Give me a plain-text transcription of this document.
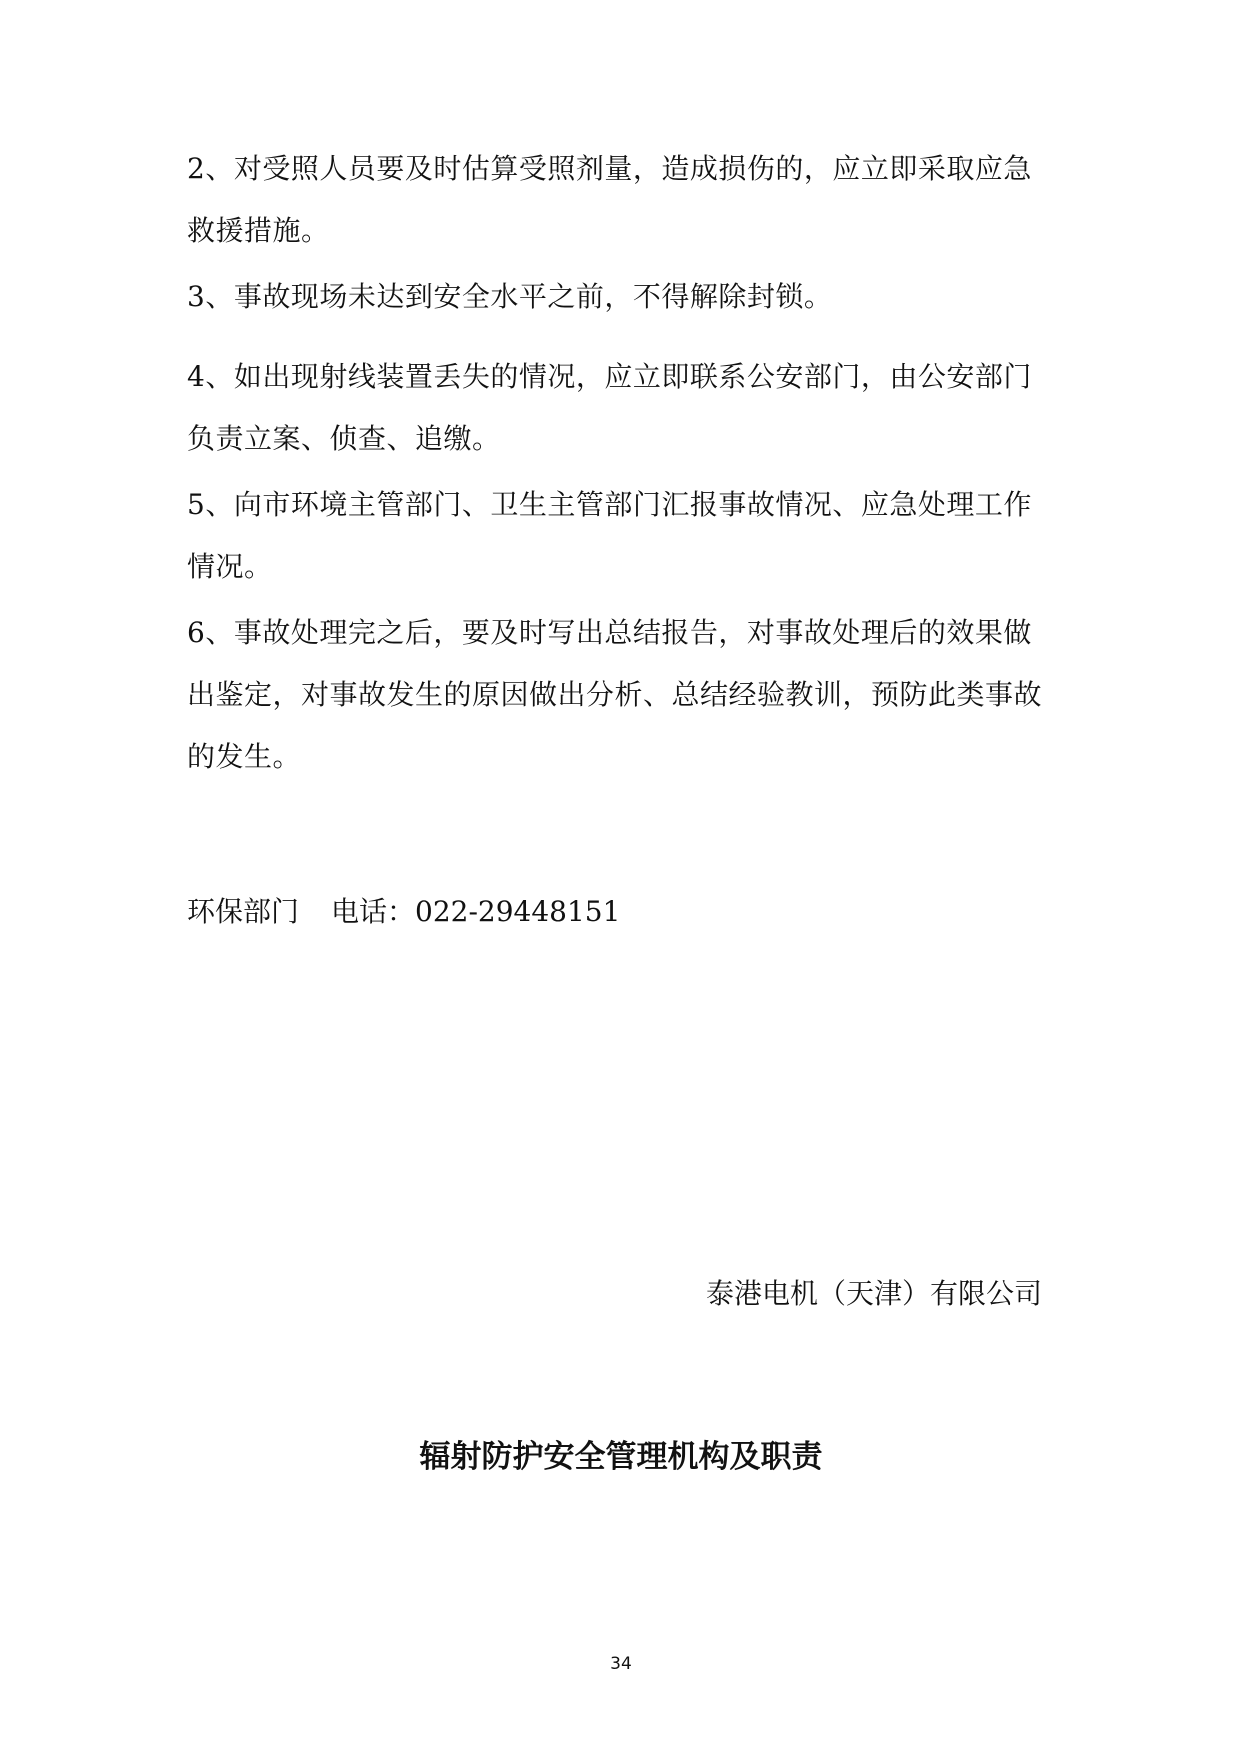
2、对受照人员要及时估算受照剂量，造成损伤的，应立即采取应急救援措施。

3、事故现场未达到安全水平之前，不得解除封锁。

4、如出现射线装置丢失的情况，应立即联系公安部门，由公安部门负责立案、侦查、追缴。

5、向市环境主管部门、卫生主管部门汇报事故情况、应急处理工作情况。

6、事故处理完之后，要及时写出总结报告，对事故处理后的效果做出鉴定，对事故发生的原因做出分析、总结经验教训，预防此类事故的发生。

环保部门 电话：022-29448151

泰港电机（天津）有限公司

辐射防护安全管理机构及职责

34
